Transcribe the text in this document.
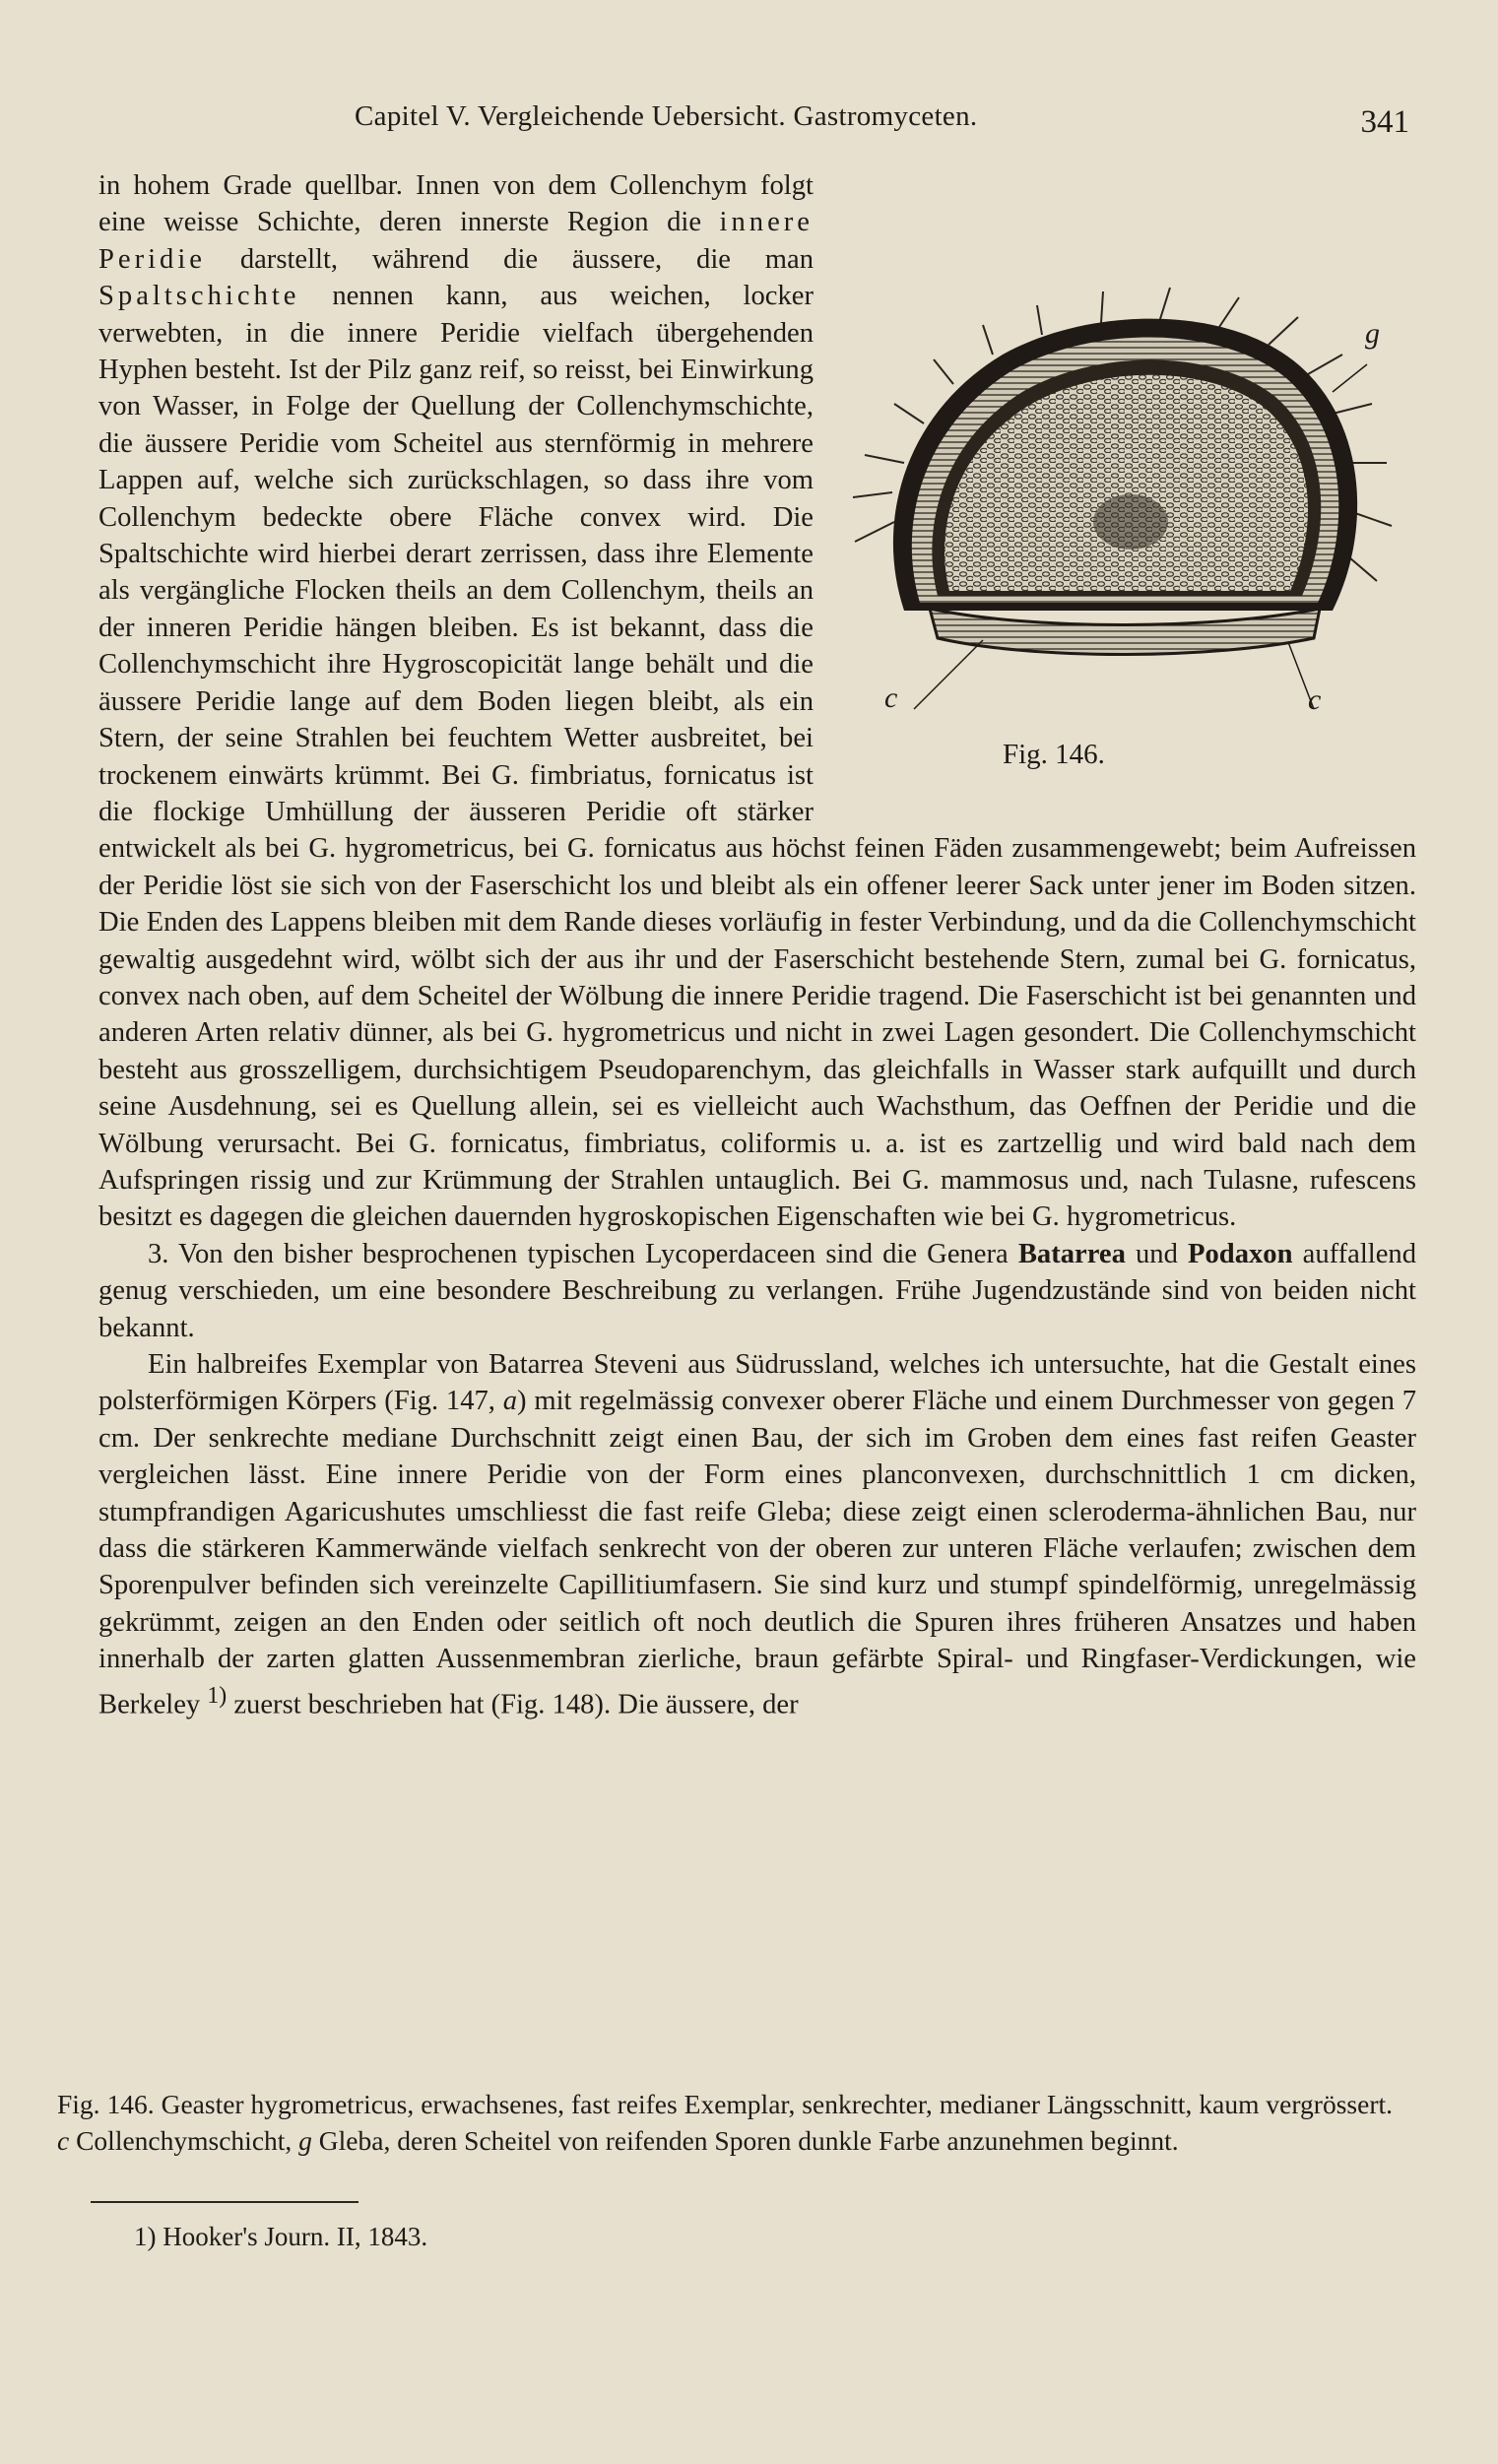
Capitel V. Vergleichende Uebersicht. Gastromyceten.	341

g
c	c
Fig. 146.
in hohem Grade quellbar. Innen von dem Collenchym folgt eine weisse Schichte, deren innerste Region die innere Peridie darstellt, während die äussere, die man Spaltschichte nennen kann, aus weichen, locker verwebten, in die innere Peridie vielfach übergehenden Hyphen besteht. Ist der Pilz ganz reif, so reisst, bei Einwirkung von Wasser, in Folge der Quellung der Collenchymschichte, die äussere Peridie vom Scheitel aus sternförmig in mehrere Lappen auf, welche sich zurückschlagen, so dass ihre vom Collenchym bedeckte obere Fläche convex wird. Die Spaltschichte wird hierbei derart zerrissen, dass ihre Elemente als vergängliche Flocken theils an dem Collenchym, theils an der inneren Peridie hängen bleiben. Es ist bekannt, dass die Collenchymschicht ihre Hygroscopicität lange behält und die äussere Peridie lange auf dem Boden liegen bleibt, als ein Stern, der seine Strahlen bei feuchtem Wetter ausbreitet, bei trockenem einwärts krümmt. Bei G. fimbriatus, fornicatus ist die flockige Umhüllung der äusseren Peridie oft stärker entwickelt als bei G. hygrometricus, bei G. fornicatus aus höchst feinen Fäden zusammengewebt; beim Aufreissen der Peridie löst sie sich von der Faserschicht los und bleibt als ein offener leerer Sack unter jener im Boden sitzen. Die Enden des Lappens bleiben mit dem Rande dieses vorläufig in fester Verbindung, und da die Collenchymschicht gewaltig ausgedehnt wird, wölbt sich der aus ihr und der Faserschicht bestehende Stern, zumal bei G. fornicatus, convex nach oben, auf dem Scheitel der Wölbung die innere Peridie tragend. Die Faserschicht ist bei genannten und anderen Arten relativ dünner, als bei G. hygrometricus und nicht in zwei Lagen gesondert. Die Collenchymschicht besteht aus grosszelligem, durchsichtigem Pseudoparenchym, das gleichfalls in Wasser stark aufquillt und durch seine Ausdehnung, sei es Quellung allein, sei es vielleicht auch Wachsthum, das Oeffnen der Peridie und die Wölbung verursacht. Bei G. fornicatus, fimbriatus, coliformis u. a. ist es zartzellig und wird bald nach dem Aufspringen rissig und zur Krümmung der Strahlen untauglich. Bei G. mammosus und, nach Tulasne, rufescens besitzt es dagegen die gleichen dauernden hygroskopischen Eigenschaften wie bei G. hygrometricus.

3. Von den bisher besprochenen typischen Lycoperdaceen sind die Genera Batarrea und Podaxon auffallend genug verschieden, um eine besondere Beschreibung zu verlangen. Frühe Jugendzustände sind von beiden nicht bekannt.

Ein halbreifes Exemplar von Batarrea Steveni aus Südrussland, welches ich untersuchte, hat die Gestalt eines polsterförmigen Körpers (Fig. 147, a) mit regelmässig convexer oberer Fläche und einem Durchmesser von gegen 7 cm. Der senkrechte mediane Durchschnitt zeigt einen Bau, der sich im Groben dem eines fast reifen Geaster vergleichen lässt. Eine innere Peridie von der Form eines planconvexen, durchschnittlich 1 cm dicken, stumpfrandigen Agaricushutes umschliesst die fast reife Gleba; diese zeigt einen scleroderma-ähnlichen Bau, nur dass die stärkeren Kammerwände vielfach senkrecht von der oberen zur unteren Fläche verlaufen; zwischen dem Sporenpulver befinden sich vereinzelte Capillitiumfasern. Sie sind kurz und stumpf spindelförmig, unregelmässig gekrümmt, zeigen an den Enden oder seitlich oft noch deutlich die Spuren ihres früheren Ansatzes und haben innerhalb der zarten glatten Aussenmembran zierliche, braun gefärbte Spiral- und Ringfaser-Verdickungen, wie Berkeley $^{1)}$ zuerst beschrieben hat (Fig. 148). Die äussere, der

Fig. 146. Geaster hygrometricus, erwachsenes, fast reifes Exemplar, senkrechter, medianer Längsschnitt, kaum vergrössert. c Collenchymschicht, g Gleba, deren Scheitel von reifenden Sporen dunkle Farbe anzunehmen beginnt.

1) Hooker's Journ. II, 1843.
